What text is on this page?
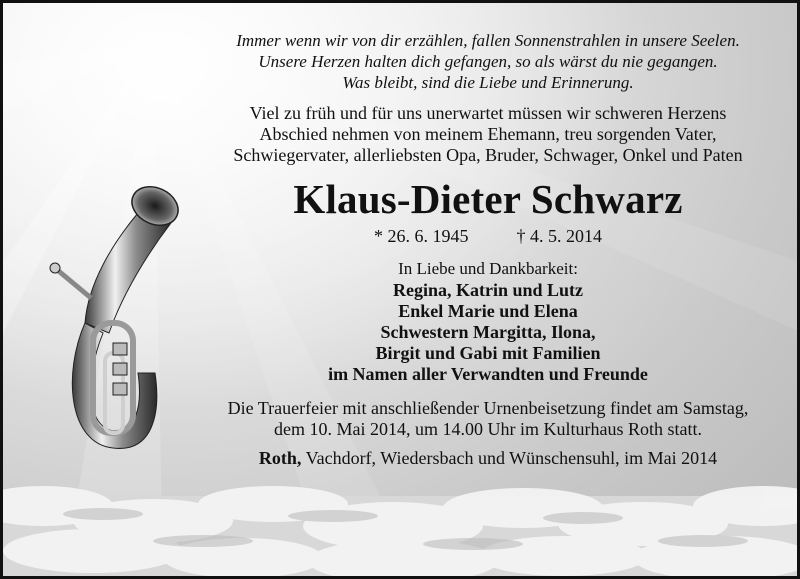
Immer wenn wir von dir erzählen, fallen Sonnenstrahlen in unsere Seelen.
Unsere Herzen halten dich gefangen, so als wärst du nie gegangen.
Was bleibt, sind die Liebe und Erinnerung.
Viel zu früh und für uns unerwartet müssen wir schweren Herzens
Abschied nehmen von meinem Ehemann, treu sorgenden Vater,
Schwiegervater, allerliebsten Opa, Bruder, Schwager, Onkel und Paten
Klaus-Dieter Schwarz
* 26. 6. 1945	† 4. 5. 2014
In Liebe und Dankbarkeit:
Regina, Katrin und Lutz
Enkel Marie und Elena
Schwestern Margitta, Ilona,
Birgit und Gabi mit Familien
im Namen aller Verwandten und Freunde
Die Trauerfeier mit anschließender Urnenbeisetzung findet am Samstag,
dem 10. Mai 2014, um 14.00 Uhr im Kulturhaus Roth statt.
Roth, Vachdorf, Wiedersbach und Wünschensuhl, im Mai 2014
